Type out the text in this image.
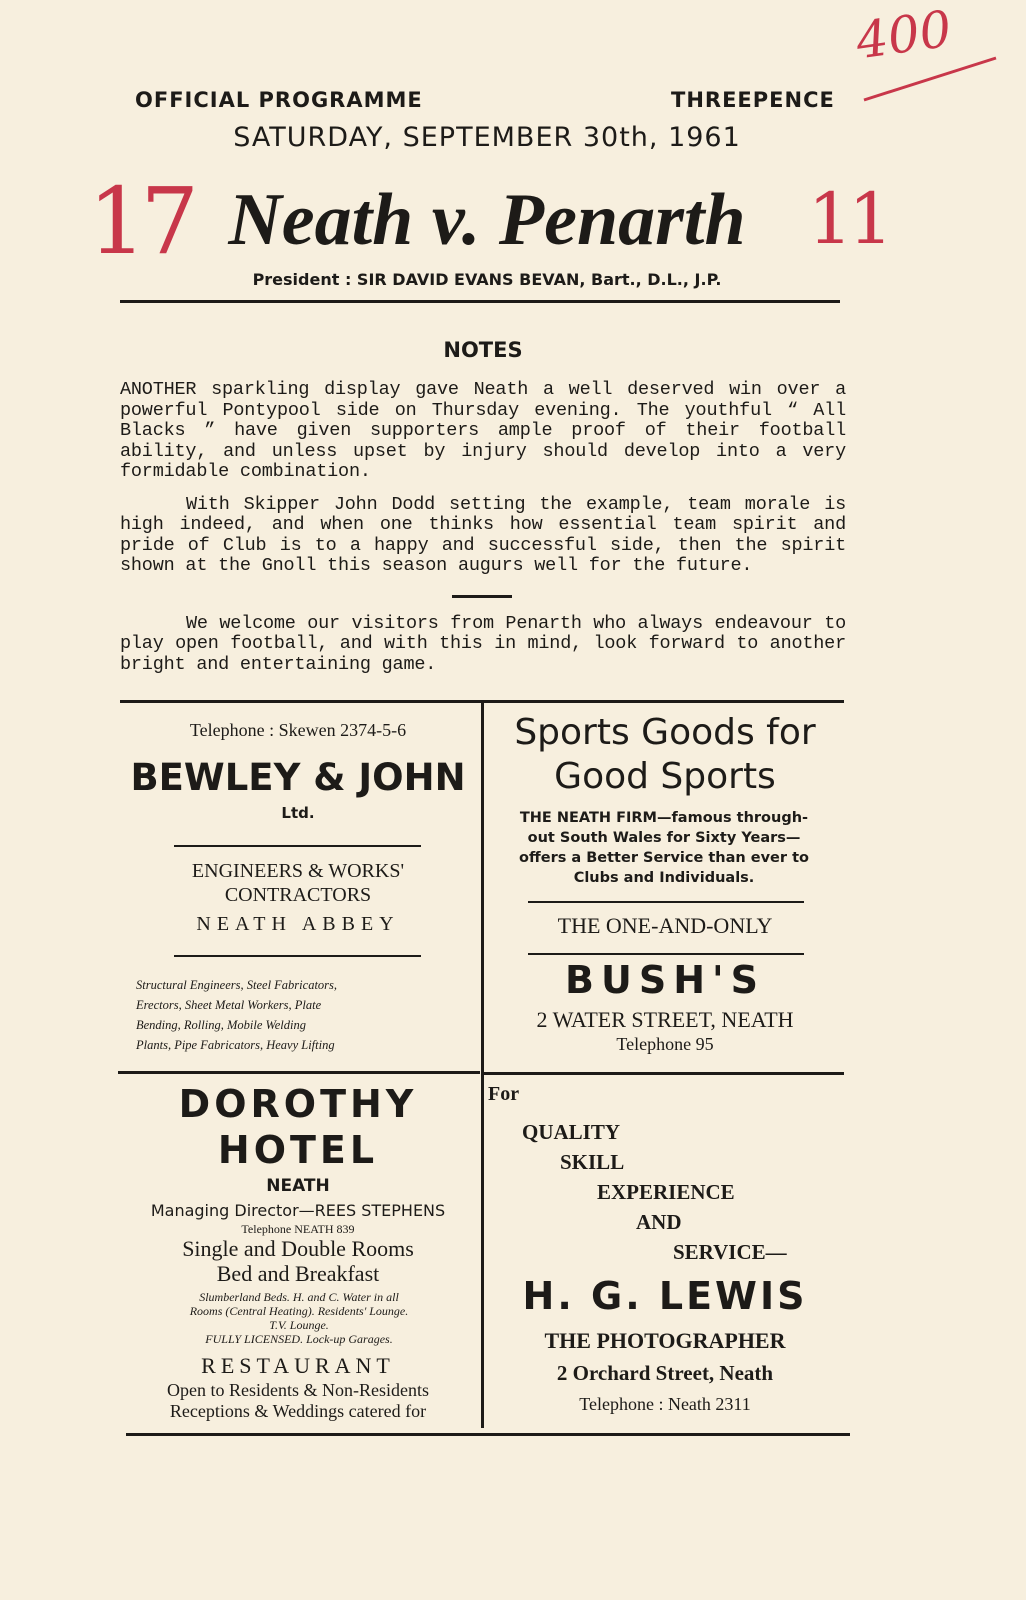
400
17	11
OFFICIAL PROGRAMME	THREEPENCE
SATURDAY, SEPTEMBER 30th, 1961
Neath v. Penarth
President : SIR DAVID EVANS BEVAN, Bart., D.L., J.P.
NOTES

ANOTHER sparkling display gave Neath a well deserved win over a powerful Pontypool side on Thursday evening. The youthful “ All Blacks ” have given supporters ample proof of their football ability, and unless upset by injury should develop into a very formidable combination.

With Skipper John Dodd setting the example, team morale is high indeed, and when one thinks how essential team spirit and pride of Club is to a happy and successful side, then the spirit shown at the Gnoll this season augurs well for the future.

We welcome our visitors from Penarth who always endeavour to play open football, and with this in mind, look forward to another bright and entertaining game.

Telephone : Skewen 2374-5-6
BEWLEY & JOHN
Ltd.
ENGINEERS & WORKS'
CONTRACTORS
NEATH ABBEY
Structural Engineers, Steel Fabricators,
Erectors, Sheet Metal Workers, Plate
Bending, Rolling, Mobile Welding
Plants, Pipe Fabricators, Heavy Lifting
Sports Goods for
Good Sports
THE NEATH FIRM—famous through-
out South Wales for Sixty Years—
offers a Better Service than ever to
Clubs and Individuals.
THE ONE-AND-ONLY
BUSH'S
2 WATER STREET, NEATH
Telephone 95
DOROTHY
HOTEL
NEATH
Managing Director—REES STEPHENS
Telephone NEATH 839
Single and Double Rooms
Bed and Breakfast
Slumberland Beds. H. and C. Water in all
Rooms (Central Heating). Residents' Lounge.
T.V. Lounge.
FULLY LICENSED. Lock-up Garages.
RESTAURANT
Open to Residents & Non-Residents
Receptions & Weddings catered for
For
QUALITY
SKILL
EXPERIENCE
AND
SERVICE—
H. G. LEWIS
THE PHOTOGRAPHER
2 Orchard Street, Neath
Telephone : Neath 2311
